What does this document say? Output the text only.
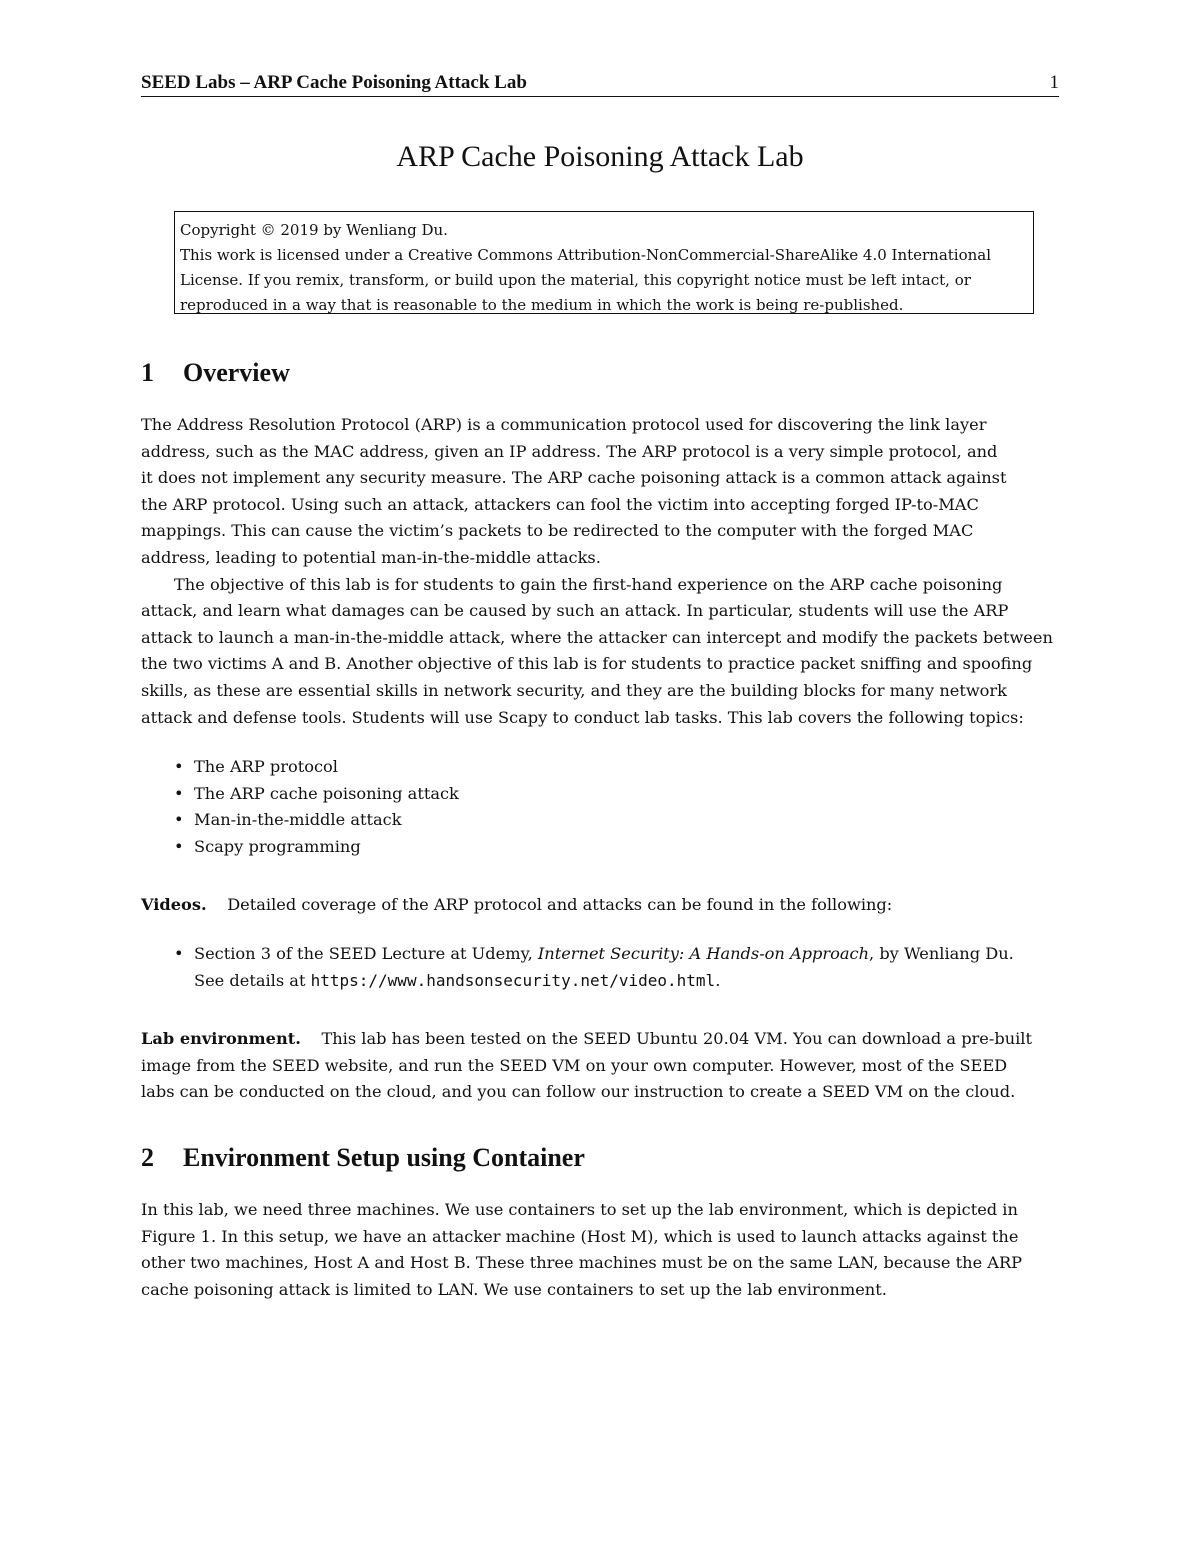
SEED Labs – ARP Cache Poisoning Attack Lab	1
ARP Cache Poisoning Attack Lab
Copyright © 2019 by Wenliang Du.
This work is licensed under a Creative Commons Attribution-NonCommercial-ShareAlike 4.0 International
License. If you remix, transform, or build upon the material, this copyright notice must be left intact, or
reproduced in a way that is reasonable to the medium in which the work is being re-published.
1 Overview
The Address Resolution Protocol (ARP) is a communication protocol used for discovering the link layer
address, such as the MAC address, given an IP address. The ARP protocol is a very simple protocol, and
it does not implement any security measure. The ARP cache poisoning attack is a common attack against
the ARP protocol. Using such an attack, attackers can fool the victim into accepting forged IP-to-MAC
mappings. This can cause the victim’s packets to be redirected to the computer with the forged MAC
address, leading to potential man-in-the-middle attacks.
The objective of this lab is for students to gain the first-hand experience on the ARP cache poisoning
attack, and learn what damages can be caused by such an attack. In particular, students will use the ARP
attack to launch a man-in-the-middle attack, where the attacker can intercept and modify the packets between
the two victims A and B. Another objective of this lab is for students to practice packet sniffing and spoofing
skills, as these are essential skills in network security, and they are the building blocks for many network
attack and defense tools. Students will use Scapy to conduct lab tasks. This lab covers the following topics:
• The ARP protocol
• The ARP cache poisoning attack
• Man-in-the-middle attack
• Scapy programming
Videos. Detailed coverage of the ARP protocol and attacks can be found in the following:
• Section 3 of the SEED Lecture at Udemy, Internet Security: A Hands-on Approach, by Wenliang Du.
See details at https://www.handsonsecurity.net/video.html.
Lab environment. This lab has been tested on the SEED Ubuntu 20.04 VM. You can download a pre-built
image from the SEED website, and run the SEED VM on your own computer. However, most of the SEED
labs can be conducted on the cloud, and you can follow our instruction to create a SEED VM on the cloud.
2 Environment Setup using Container
In this lab, we need three machines. We use containers to set up the lab environment, which is depicted in
Figure 1. In this setup, we have an attacker machine (Host M), which is used to launch attacks against the
other two machines, Host A and Host B. These three machines must be on the same LAN, because the ARP
cache poisoning attack is limited to LAN. We use containers to set up the lab environment.
